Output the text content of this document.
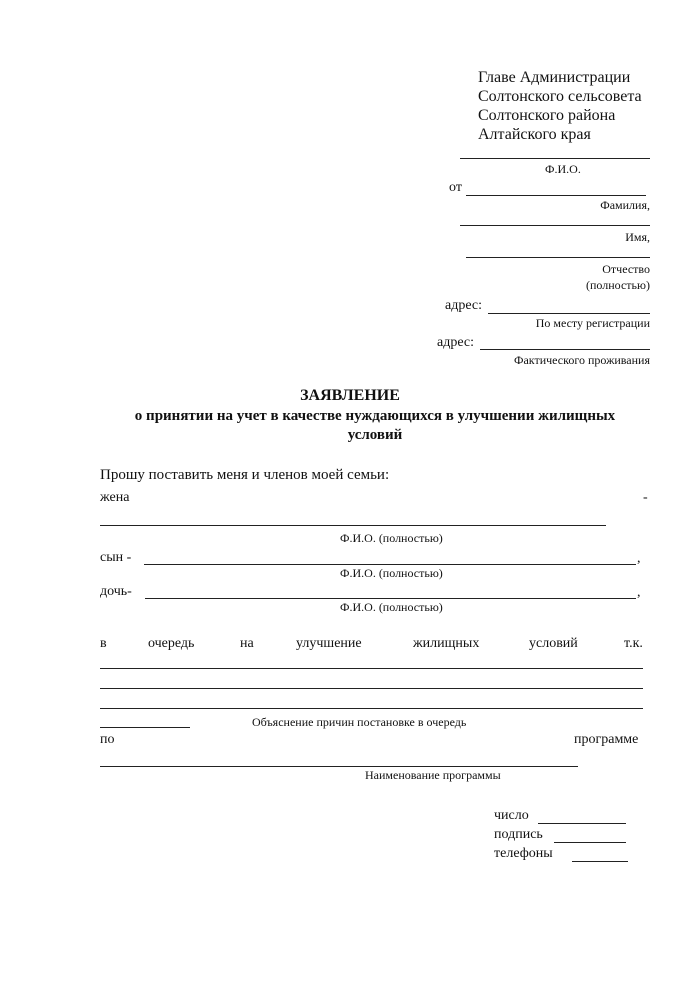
Главе Администрации
Солтонского сельсовета
Солтонского района
Алтайского края
Ф.И.О.
от
Фамилия,
Имя,
Отчество
(полностью)
адрес:
По месту регистрации
адрес:
Фактического проживания
ЗАЯВЛЕНИЕ
о принятии на учет в качестве нуждающихся в улучшении жилищных
условий
Прошу поставить меня и членов моей семьи:
жена	-
Ф.И.О. (полностью)
сын -	,
Ф.И.О. (полностью)
дочь-	,
Ф.И.О. (полностью)
в	очередь	на	улучшение	жилищных	условий	т.к.
Объяснение причин постановке в очередь
по	программе
Наименование программы
число
подпись
телефоны
